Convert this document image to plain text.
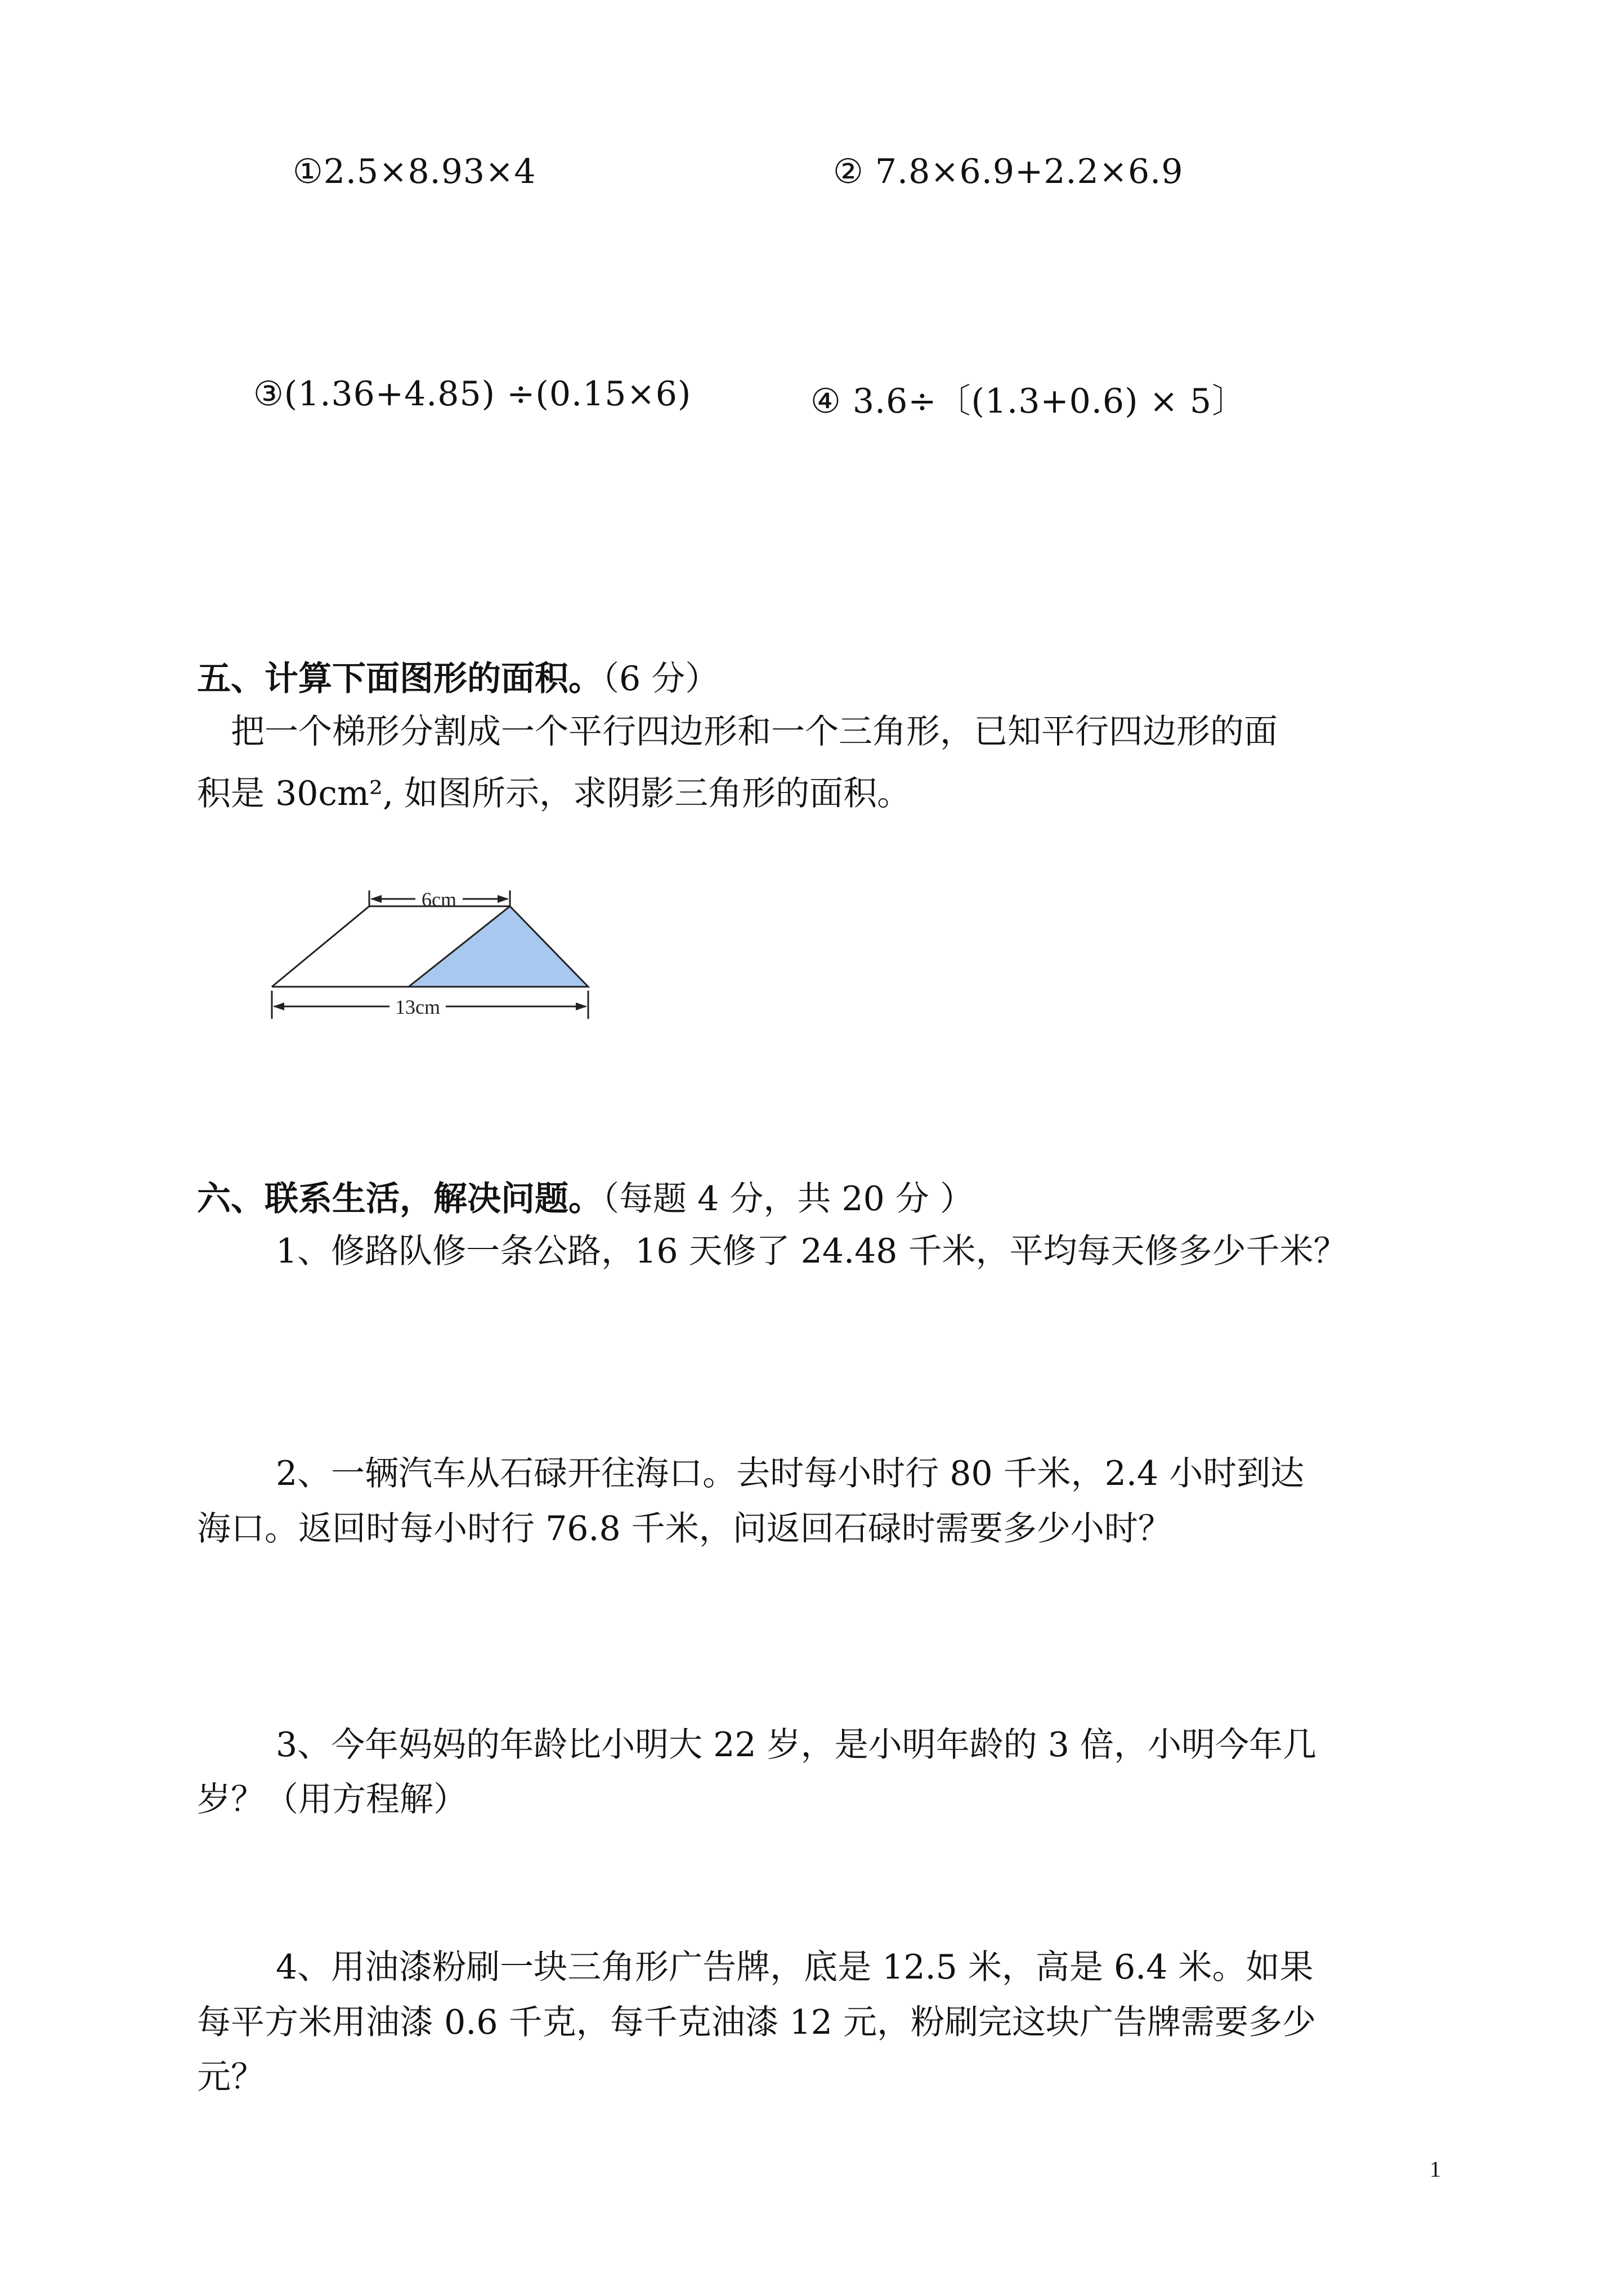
①2.5×8.93×4	② 7.8×6.9+2.2×6.9
③(1.36+4.85) ÷(0.15×6)	④ 3.6÷〔(1.3+0.6) × 5〕
五、计算下面图形的面积。（6 分）
把一个梯形分割成一个平行四边形和一个三角形，已知平行四边形的面
积是 30cm², 如图所示，求阴影三角形的面积。
6cm
13cm
六、联系生活，解决问题。（每题 4 分，共 20 分 ）
1、修路队修一条公路，16 天修了 24.48 千米，平均每天修多少千米？
2、一辆汽车从石碌开往海口。去时每小时行 80 千米，2.4 小时到达
海口。返回时每小时行 76.8 千米，问返回石碌时需要多少小时？
3、今年妈妈的年龄比小明大 22 岁，是小明年龄的 3 倍，小明今年几
岁？（用方程解）
4、用油漆粉刷一块三角形广告牌，底是 12.5 米，高是 6.4 米。如果
每平方米用油漆 0.6 千克，每千克油漆 12 元，粉刷完这块广告牌需要多少
元？
1
